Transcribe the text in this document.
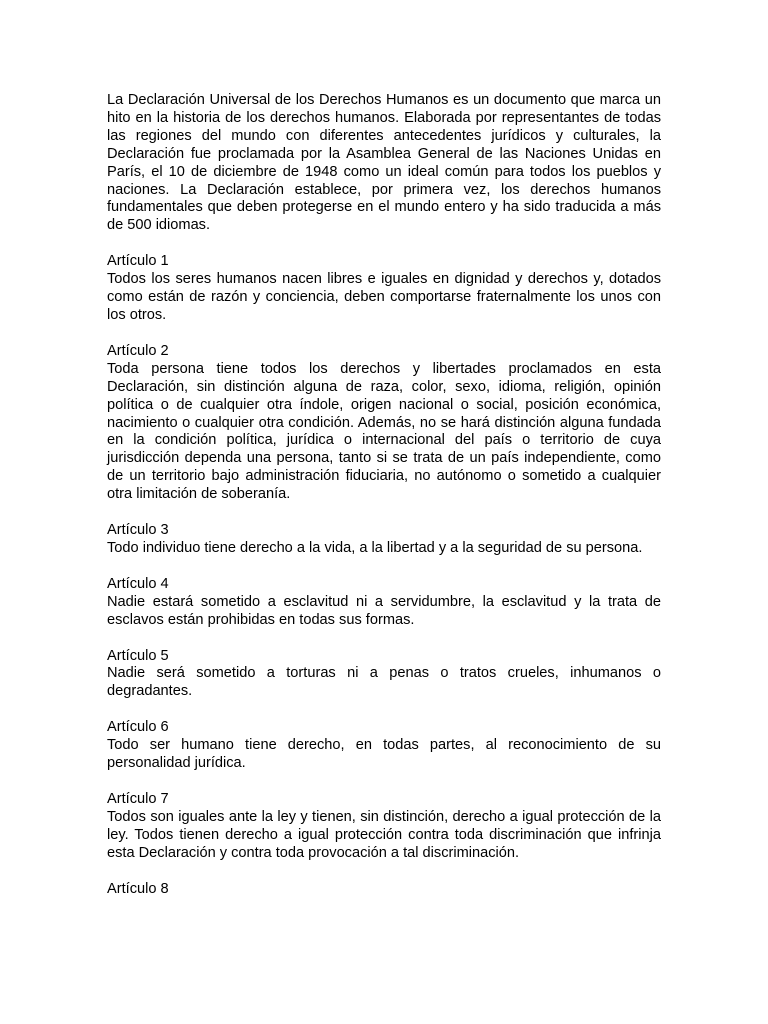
La Declaración Universal de los Derechos Humanos es un documento que marca un hito en la historia de los derechos humanos. Elaborada por representantes de todas las regiones del mundo con diferentes antecedentes jurídicos y culturales, la Declaración fue proclamada por la Asamblea General de las Naciones Unidas en París, el 10 de diciembre de 1948 como un ideal común para todos los pueblos y naciones. La Declaración establece, por primera vez, los derechos humanos fundamentales que deben protegerse en el mundo entero y ha sido traducida a más de 500 idiomas.

Artículo 1
Todos los seres humanos nacen libres e iguales en dignidad y derechos y, dotados como están de razón y conciencia, deben comportarse fraternalmente los unos con los otros.
Artículo 2
Toda persona tiene todos los derechos y libertades proclamados en esta Declaración, sin distinción alguna de raza, color, sexo, idioma, religión, opinión política o de cualquier otra índole, origen nacional o social, posición económica, nacimiento o cualquier otra condición. Además, no se hará distinción alguna fundada en la condición política, jurídica o internacional del país o territorio de cuya jurisdicción dependa una persona, tanto si se trata de un país independiente, como de un territorio bajo administración fiduciaria, no autónomo o sometido a cualquier otra limitación de soberanía.
Artículo 3
Todo individuo tiene derecho a la vida, a la libertad y a la seguridad de su persona.
Artículo 4
Nadie estará sometido a esclavitud ni a servidumbre, la esclavitud y la trata de esclavos están prohibidas en todas sus formas.
Artículo 5
Nadie será sometido a torturas ni a penas o tratos crueles, inhumanos o degradantes.
Artículo 6
Todo ser humano tiene derecho, en todas partes, al reconocimiento de su personalidad jurídica.
Artículo 7
Todos son iguales ante la ley y tienen, sin distinción, derecho a igual protección de la ley. Todos tienen derecho a igual protección contra toda discriminación que infrinja esta Declaración y contra toda provocación a tal discriminación.
Artículo 8
